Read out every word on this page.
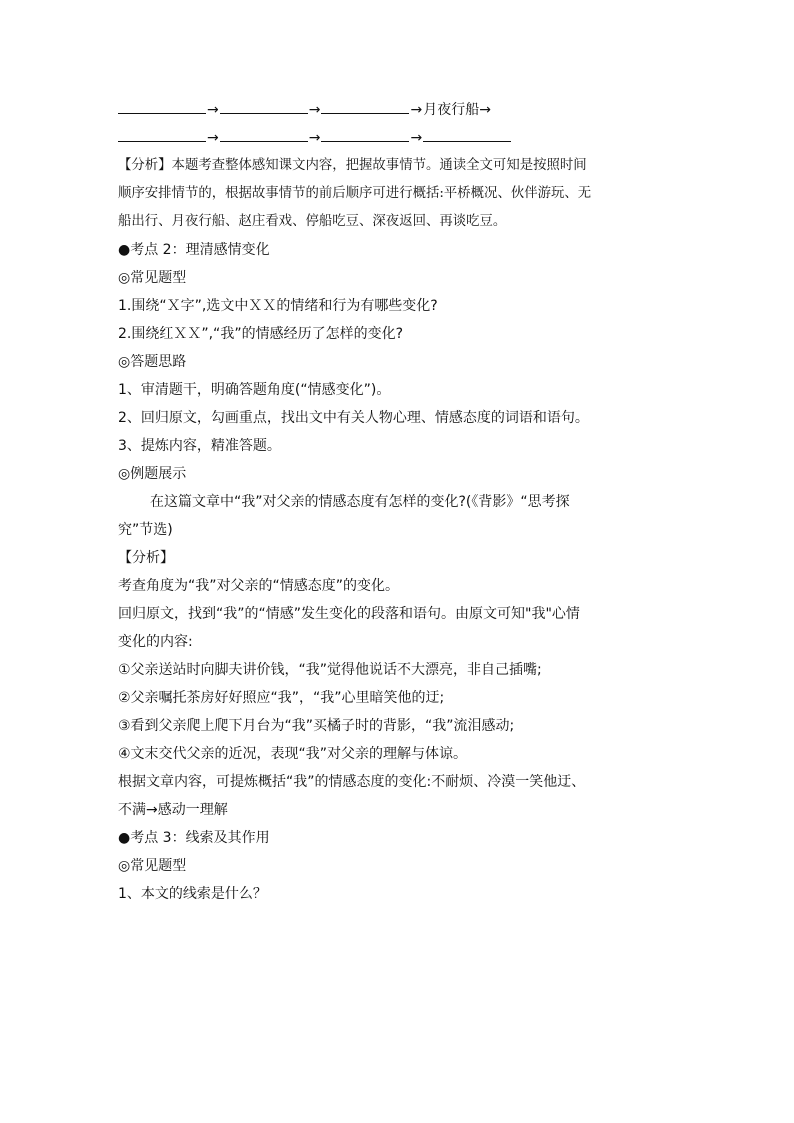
→	→	→月夜行船→
→	→	→
【分析】本题考查整体感知课文内容，把握故事情节。通读全文可知是按照时间
顺序安排情节的，根据故事情节的前后顺序可进行概括:平桥概况、伙伴游玩、无
船出行、月夜行船、赵庄看戏、停船吃豆、深夜返回、再谈吃豆。
●考点 2：理清感情变化
◎常见题型
1.围绕“Ｘ字”,选文中ＸＸ的情绪和行为有哪些变化?
2.围绕红ＸＸ”,“我”的情感经历了怎样的变化?
◎答题思路
1、审清题干，明确答题角度(“情感变化”)。
2、回归原文，勾画重点，找出文中有关人物心理、情感态度的词语和语句。
3、提炼内容，精准答题。
◎例题展示
在这篇文章中“我”对父亲的情感态度有怎样的变化?(《背影》“思考探
究”节选)
【分析】
考查角度为“我”对父亲的“情感态度”的变化。
回归原文，找到“我”的“情感”发生变化的段落和语句。由原文可知"我"心情
变化的内容:
①父亲送站时向脚夫讲价钱，“我”觉得他说话不大漂亮，非自己插嘴;
②父亲嘱托茶房好好照应“我”，“我”心里暗笑他的迂;
③看到父亲爬上爬下月台为“我”买橘子时的背影，“我”流泪感动;
④文末交代父亲的近况，表现“我”对父亲的理解与体谅。
根据文章内容，可提炼概括“我”的情感态度的变化:不耐烦、冷漠一笑他迂、
不满→感动一理解
●考点 3：线索及其作用
◎常见题型
1、本文的线索是什么？
